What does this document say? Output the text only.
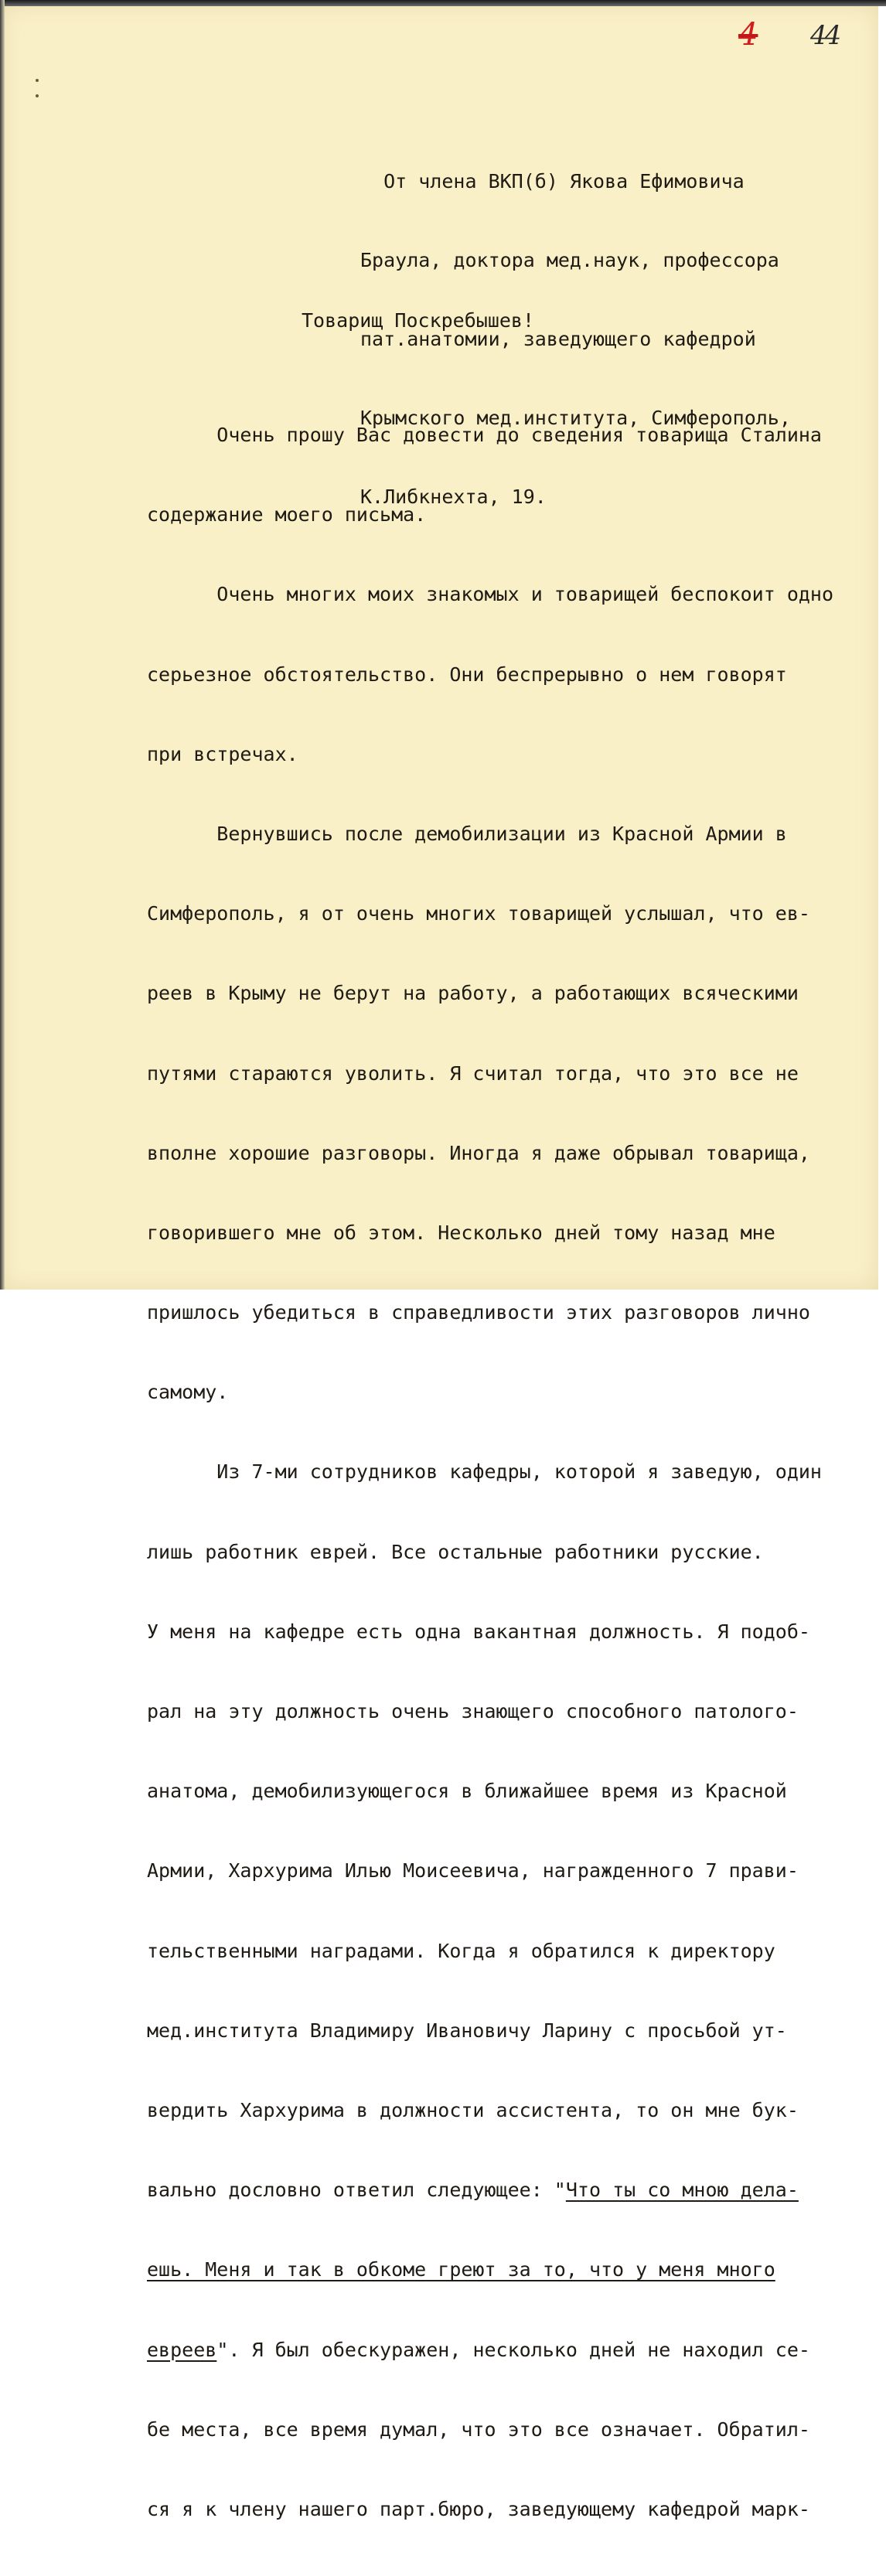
4 44

От члена ВКП(б) Якова Ефимовича

Браула, доктора мед.наук, профессора

пат.анатомии, заведующего кафедрой

Крымского мед.института, Симферополь,

К.Либкнехта, 19.

Товарищ Поскребышев!

Очень прошу Вас довести до сведения товарища Сталина

содержание моего письма.

Очень многих моих знакомых и товарищей беспокоит одно

серьезное обстоятельство. Они беспрерывно о нем говорят

при встречах.

Вернувшись после демобилизации из Красной Армии в

Симферополь, я от очень многих товарищей услышал, что ев-

реев в Крыму не берут на работу, а работающих всяческими

путями стараются уволить. Я считал тогда, что это все не

вполне хорошие разговоры. Иногда я даже обрывал товарища,

говорившего мне об этом. Несколько дней тому назад мне

пришлось убедиться в справедливости этих разговоров лично

самому.

Из 7-ми сотрудников кафедры, которой я заведую, один

лишь работник еврей. Все остальные работники русские.

У меня на кафедре есть одна вакантная должность. Я подоб-

рал на эту должность очень знающего способного патолого-

анатома, демобилизующегося в ближайшее время из Красной

Армии, Хархурима Илью Моисеевича, награжденного 7 прави-

тельственными наградами. Когда я обратился к директору

мед.института Владимиру Ивановичу Ларину с просьбой ут-

вердить Хархурима в должности ассистента, то он мне бук-

вально дословно ответил следующее: "Что ты со мною дела-

ешь. Меня и так в обкоме греют за то, что у меня много

евреев". Я был обескуражен, несколько дней не находил се-

бе места, все время думал, что это все означает. Обратил-

ся я к члену нашего парт.бюро, заведующему кафедрой марк-
